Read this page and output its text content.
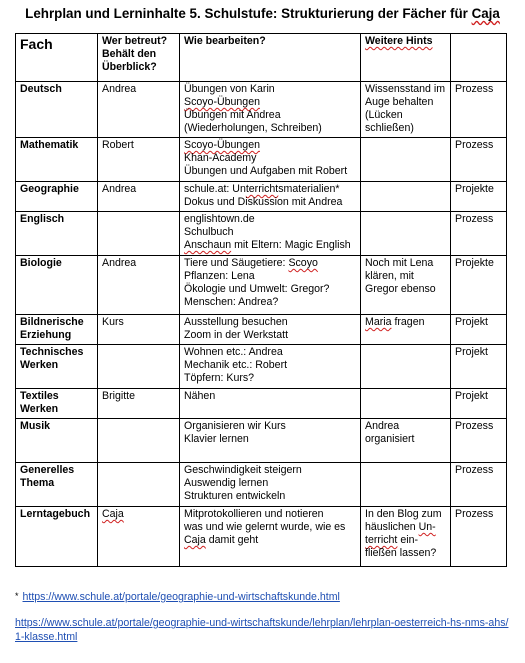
Lehrplan und Lerninhalte 5. Schulstufe: Strukturierung der Fächer für Caja
Fach	Wer betreut?
Behält den
Überblick?	Wie bearbeiten?	Weitere Hints	

Deutsch	Andrea	Übungen von Karin
Scoyo-Übungen
Übungen mit Andrea
(Wiederholungen, Schreiben)	Wissensstand im
Auge behalten
(Lücken
schließen)	Prozess

Mathematik	Robert	Scoyo-Übungen
Khan-Academy
Übungen und Aufgaben mit Robert		Prozess

Geographie	Andrea	schule.at: Unterrichtsmaterialien*
Dokus und Diskussion mit Andrea		Projekte

Englisch		englishtown.de
Schulbuch
Anschaun mit Eltern: Magic English		Prozess

Biologie	Andrea	Tiere und Säugetiere: Scoyo
Pflanzen: Lena
Ökologie und Umwelt: Gregor?
Menschen: Andrea?	Noch mit Lena
klären, mit
Gregor ebenso	Projekte

Bildnerische
Erziehung	Kurs	Ausstellung besuchen
Zoom in der Werkstatt	Maria fragen	Projekt

Technisches
Werken		Wohnen etc.: Andrea
Mechanik etc.: Robert
Töpfern: Kurs?		Projekt

Textiles
Werken	Brigitte	Nähen		Projekt

Musik		Organisieren wir Kurs
Klavier lernen	Andrea
organisiert	Prozess

Generelles
Thema		Geschwindigkeit steigern
Auswendig lernen
Strukturen entwickeln		Prozess

Lerntagebuch	Caja	Mitprotokollieren und notieren
was und wie gelernt wurde, wie es
Caja damit geht	In den Blog zum
häuslichen Un-
terricht ein-
fließen lassen?	Prozess
* https://www.schule.at/portale/geographie-und-wirtschaftskunde.html
https://www.schule.at/portale/geographie-und-wirtschaftskunde/lehrplan/lehrplan-oesterreich-hs-nms-ahs/1-klasse.html
